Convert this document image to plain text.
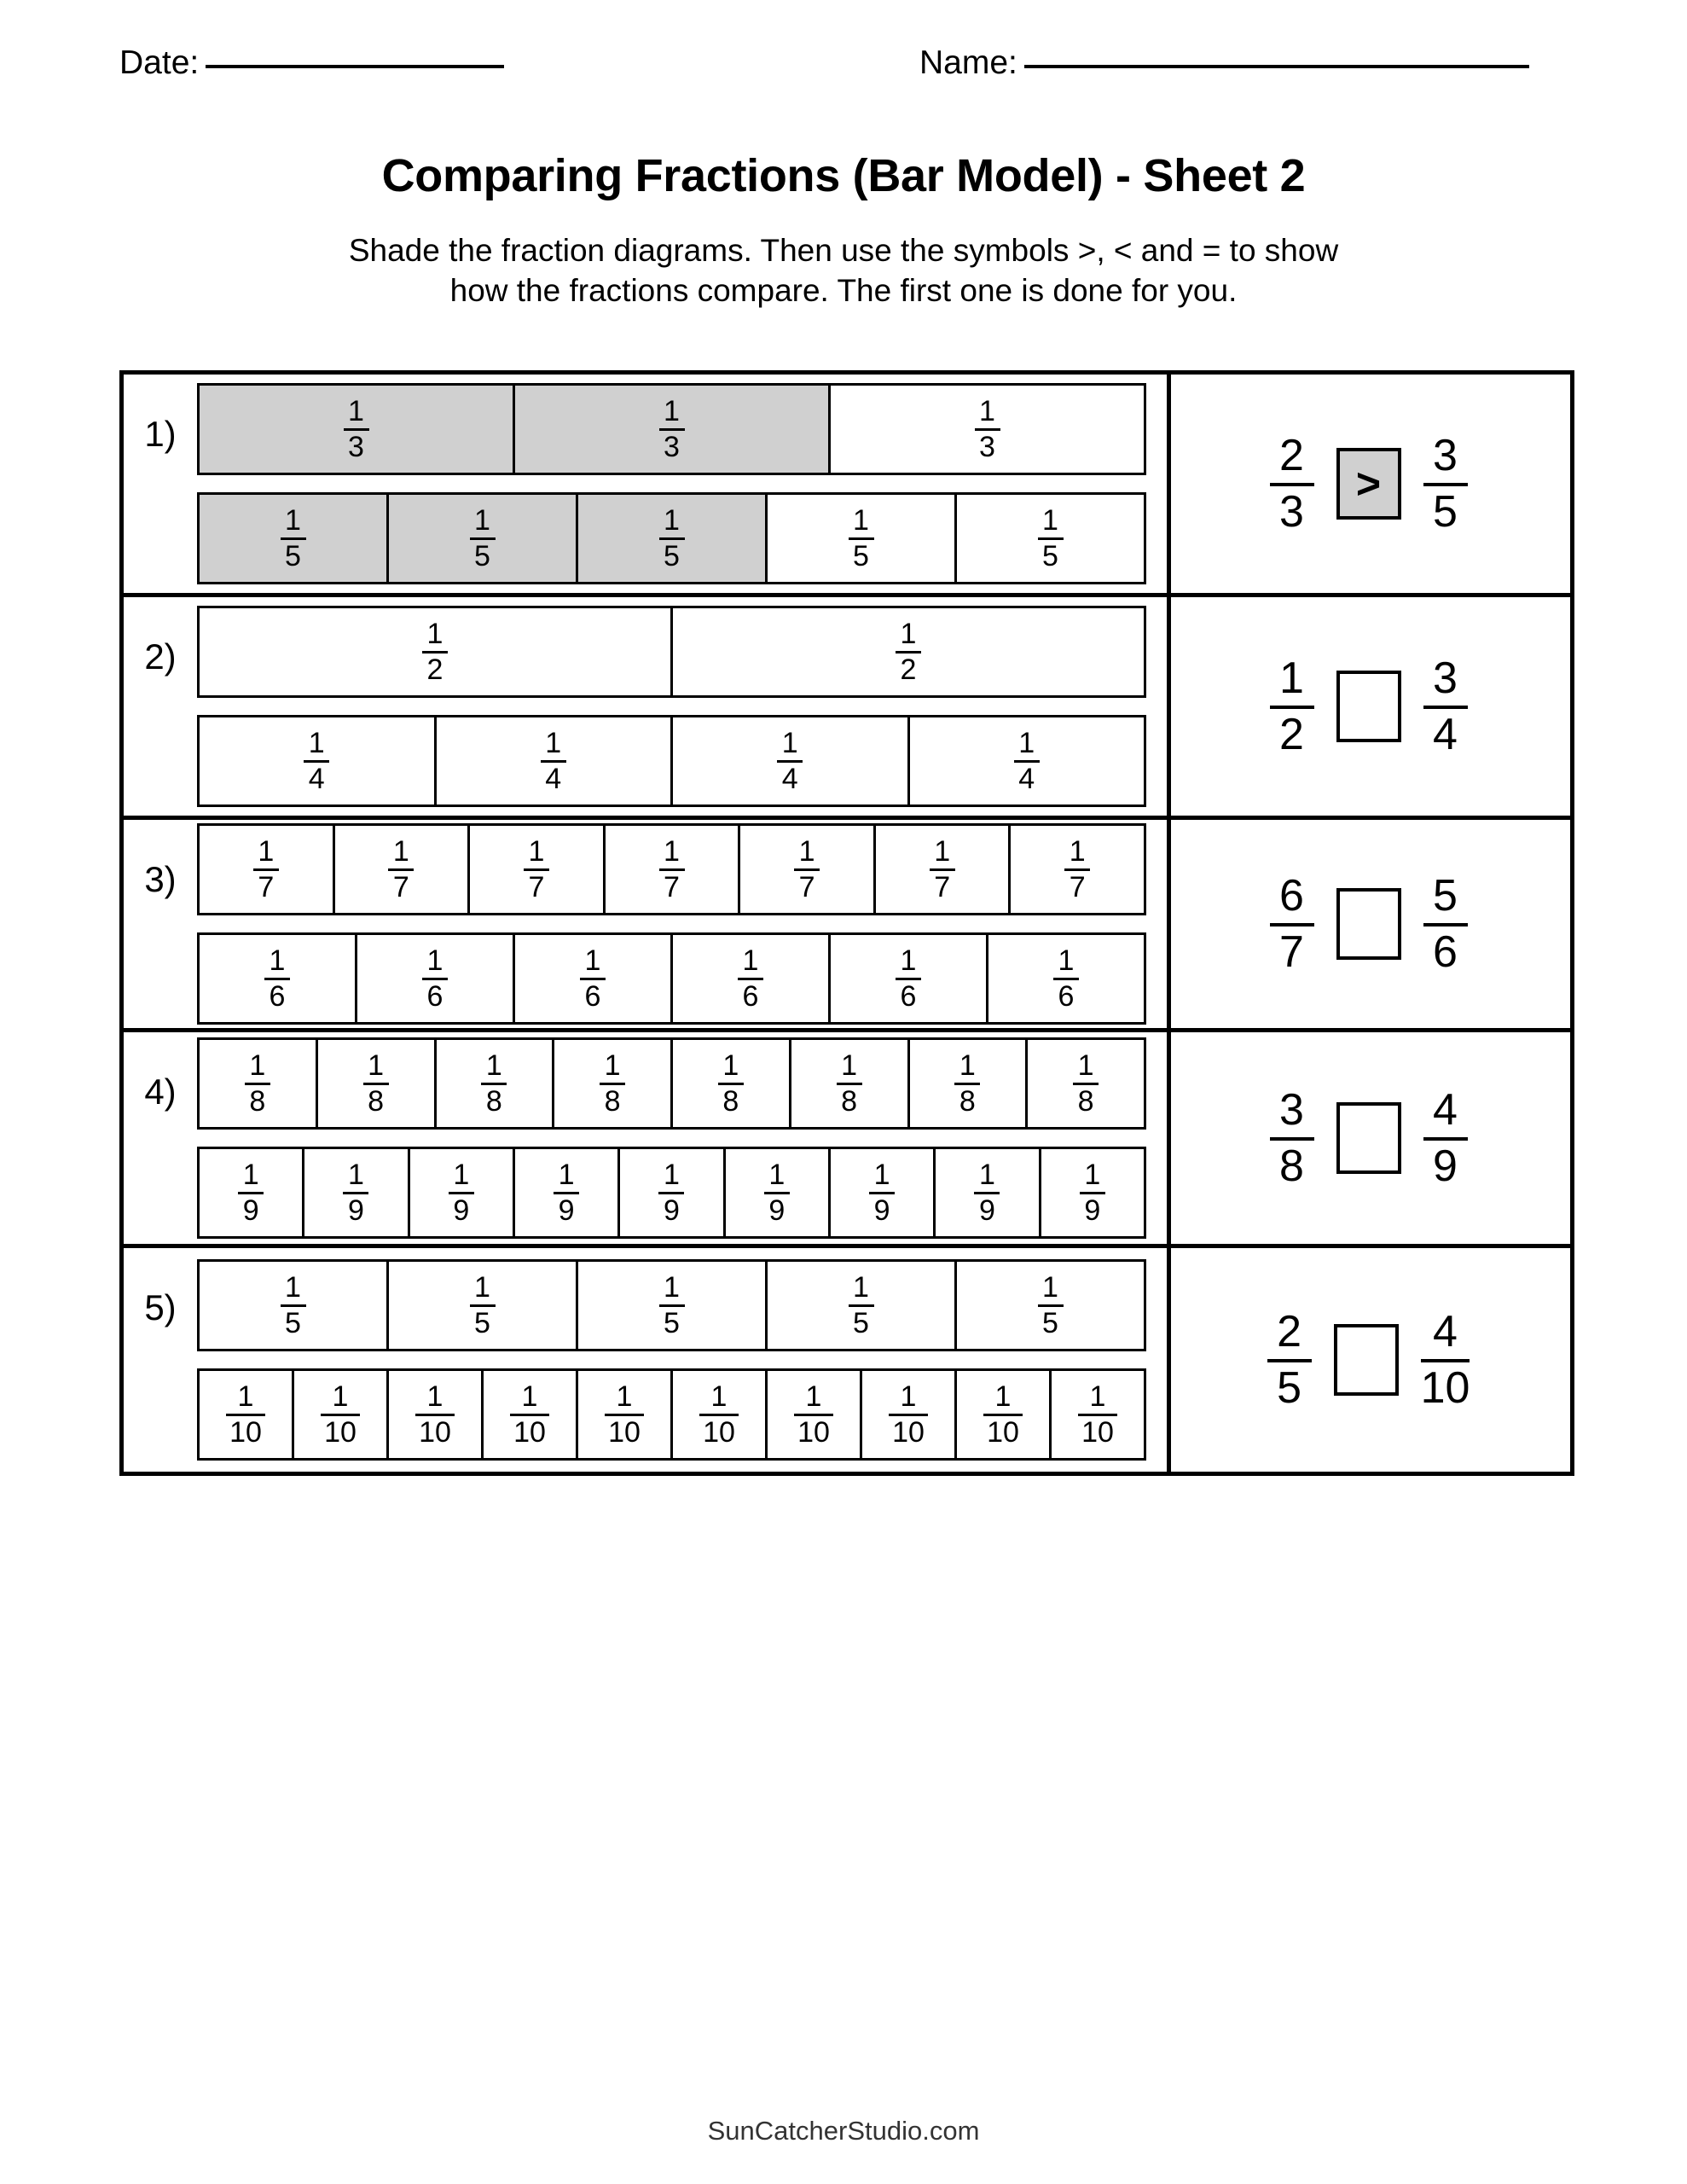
Date:	Name:
Comparing Fractions (Bar Model) - Sheet 2
Shade the fraction diagrams. Then use the symbols >, < and = to show
how the fractions compare. The first one is done for you.
1)	$\frac{1}{3}$	$\frac{1}{3}$	$\frac{1}{3}$
$\frac{1}{5}$	$\frac{1}{5}$	$\frac{1}{5}$	$\frac{1}{5}$	$\frac{1}{5}$
$\frac{2}{3} > \frac{3}{5}$
2)	$\frac{1}{2}$	$\frac{1}{2}$
$\frac{1}{4}$	$\frac{1}{4}$	$\frac{1}{4}$	$\frac{1}{4}$
$\frac{1}{2} \frac{3}{4}$
3)	$\frac{1}{7}$	$\frac{1}{7}$	$\frac{1}{7}$	$\frac{1}{7}$	$\frac{1}{7}$	$\frac{1}{7}$	$\frac{1}{7}$
$\frac{1}{6}$	$\frac{1}{6}$	$\frac{1}{6}$	$\frac{1}{6}$	$\frac{1}{6}$	$\frac{1}{6}$
$\frac{6}{7} \frac{5}{6}$
4)	$\frac{1}{8}$	$\frac{1}{8}$	$\frac{1}{8}$	$\frac{1}{8}$	$\frac{1}{8}$	$\frac{1}{8}$	$\frac{1}{8}$	$\frac{1}{8}$
$\frac{1}{9}$	$\frac{1}{9}$	$\frac{1}{9}$	$\frac{1}{9}$	$\frac{1}{9}$	$\frac{1}{9}$	$\frac{1}{9}$	$\frac{1}{9}$	$\frac{1}{9}$
$\frac{3}{8} \frac{4}{9}$
5)	$\frac{1}{5}$	$\frac{1}{5}$	$\frac{1}{5}$	$\frac{1}{5}$	$\frac{1}{5}$
$\frac{1}{10} \frac{1}{10} \frac{1}{10} \frac{1}{10} \frac{1}{10} \frac{1}{10} \frac{1}{10} \frac{1}{10} \frac{1}{10} \frac{1}{10}$
$\frac{2}{5} \frac{4}{10}$
SunCatcherStudio.com
